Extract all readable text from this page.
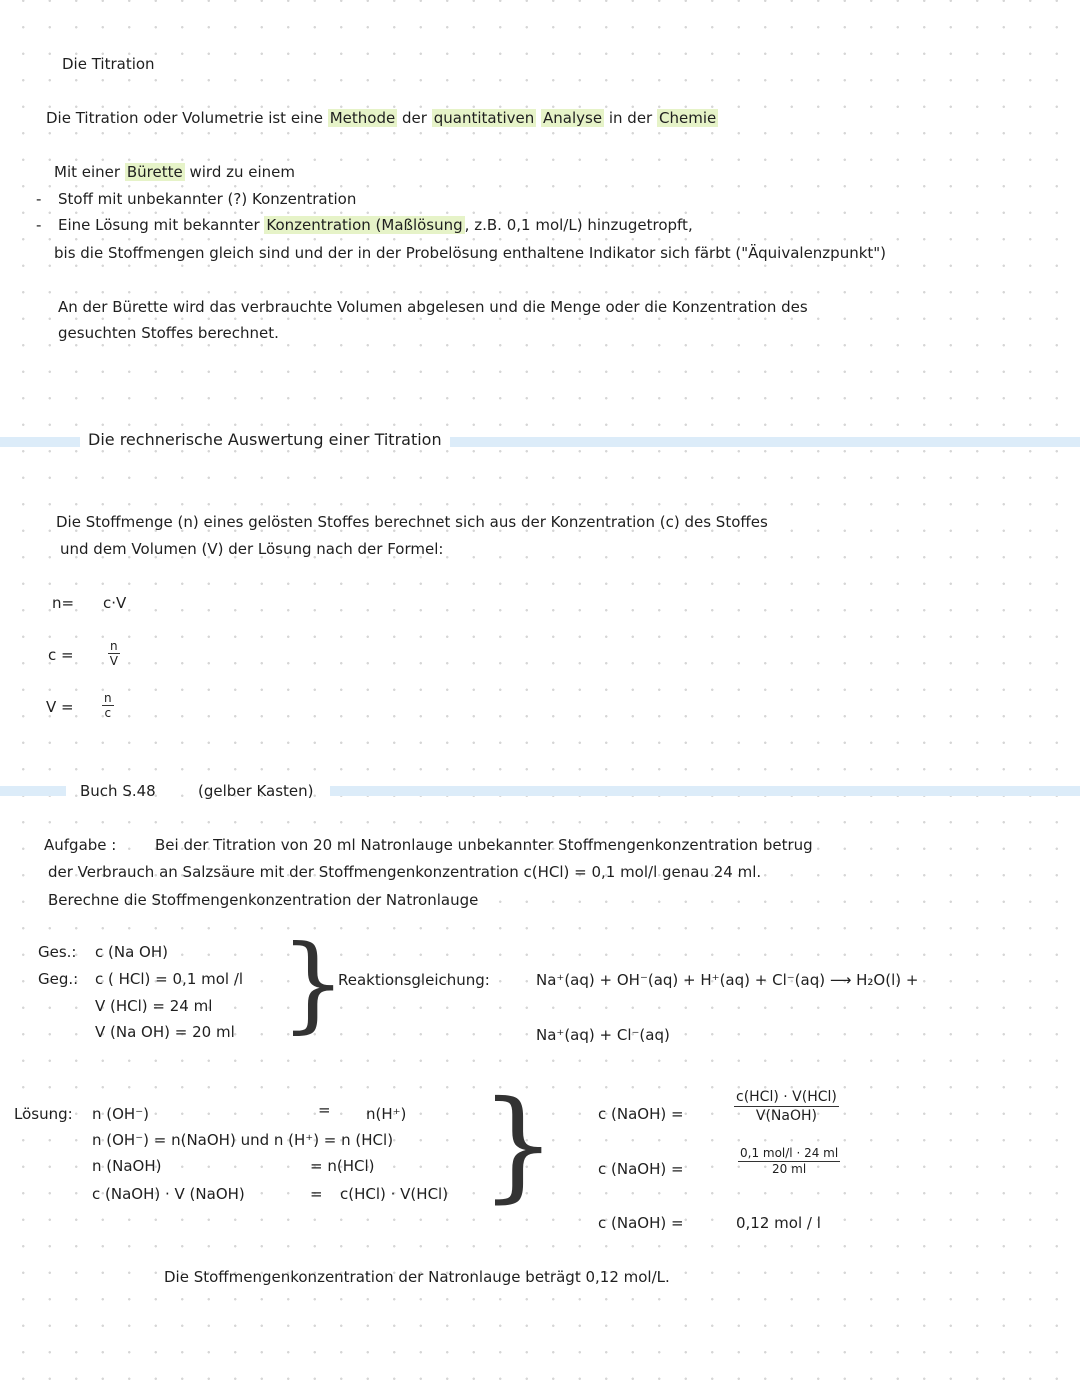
Die Titration
Die Titration oder Volumetrie ist eine Methode der quantitativen Analyse in der Chemie
Mit einer Bürette wird zu einem
- Stoff mit unbekannter (?) Konzentration
- Eine Lösung mit bekannter Konzentration (Maßlösung , z.B. 0,1 mol/L) hinzugetropft,
bis die Stoffmengen gleich sind und der in der Probelösung enthaltene Indikator sich färbt ("Äquivalenzpunkt")
An der Bürette wird das verbrauchte Volumen abgelesen und die Menge oder die Konzentration des
gesuchten Stoffes berechnet.
Die rechnerische Auswertung einer Titration
Die Stoffmenge (n) eines gelösten Stoffes berechnet sich aus der Konzentration (c) des Stoffes
und dem Volumen (V) der Lösung nach der Formel:
n= c·V
c =	$\frac{n}{V}$
$V = \frac{n}{c}$
Buch S.48	(gelber Kasten)
Aufgabe :	Bei der Titration von 20 ml Natronlauge unbekannter Stoffmengenkonzentration betrug
der Verbrauch an Salzsäure mit der Stoffmengenkonzentration c(HCl) = 0,1 mol/l genau 24 ml.
Berechne die Stoffmengenkonzentration der Natronlauge
Ges.: c (Na OH)
Geg.: c ( HCl) = 0,1 mol /l
V (HCl) = 24 ml
V (Na OH) = 20 ml }
Reaktionsgleichung:	Na⁺(aq) + OH⁻(aq) + H⁺(aq) + Cl⁻(aq) ⟶ H₂O(l) +
Na⁺(aq) + Cl⁻(aq)
Lösung: n (OH⁻)	= n(H⁺)
n (OH⁻) = n(NaOH) und n (H⁺) = n (HCl)
n (NaOH)	= n(HCl)
c (NaOH) · V (NaOH)	= c(HCl) · V(HCl) }	c (NaOH) =
c(HCl) · V(HCl)
V(NaOH)
c (NaOH) =
0,1 mol/l · 24 ml
20 ml
c (NaOH) =	0,12 mol / l
Die Stoffmengenkonzentration der Natronlauge beträgt 0,12 mol/L.
